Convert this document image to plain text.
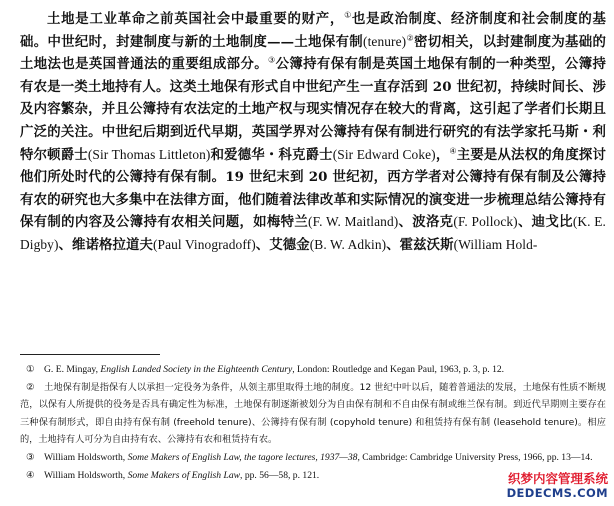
土地是工业革命之前英国社会中最重要的财产，①也是政治制度、经济制度和社会制度的基础。中世纪时，封建制度与新的土地制度——土地保有制(tenure)②密切相关，以封建制度为基础的土地法也是英国普通法的重要组成部分。③公簿持有保有制是英国土地保有制的一种类型，公簿持有农是一类土地持有人。这类土地保有形式自中世纪产生一直存活到 20 世纪初，持续时间长、涉及内容繁杂，并且公簿持有农法定的土地产权与现实情况存在较大的背离，这引起了学者们长期且广泛的关注。中世纪后期到近代早期，英国学界对公簿持有保有制进行研究的有法学家托马斯・利特尔顿爵士(Sir Thomas Littleton)和爱德华・科克爵士(Sir Edward Coke)，④主要是从法权的角度探讨他们所处时代的公簿持有保有制。19 世纪末到 20 世纪初，西方学者对公簿持有保有制及公簿持有农的研究也大多集中在法律方面，他们随着法律改革和实际情况的演变进一步梳理总结公簿持有保有制的内容及公簿持有农相关问题，如梅特兰(F. W. Maitland)、波洛克(F. Pollock)、迪戈比(K. E. Digby)、维诺格拉道夫(Paul Vinogradoff)、艾德金(B. W. Adkin)、霍兹沃斯(William Hold-
① G. E. Mingay, English Landed Society in the Eighteenth Century, London: Routledge and Kegan Paul, 1963, p. 3, p. 12.
② 土地保有制是指保有人以承担一定役务为条件，从领主那里取得土地的制度。12 世纪中叶以后，随着普通法的发展，土地保有性质不断规范，以保有人所提供的役务是否具有确定性为标准，土地保有制逐渐被划分为自由保有制和不自由保有制或维兰保有制。到近代早期则主要存在三种保有制形式，即自由持有保有制 (freehold tenure)、公簿持有保有制 (copyhold tenure) 和租赁持有保有制 (leasehold tenure)。相应的，土地持有人可分为自由持有农、公簿持有农和租赁持有农。
③ William Holdsworth, Some Makers of English Law, the tagore lectures, 1937—38, Cambridge: Cambridge University Press, 1966, pp. 13—14.
④ William Holdsworth, Some Makers of English Law, pp. 56—58, p. 121.	织梦内容管理系统
DEDECMS.COM
